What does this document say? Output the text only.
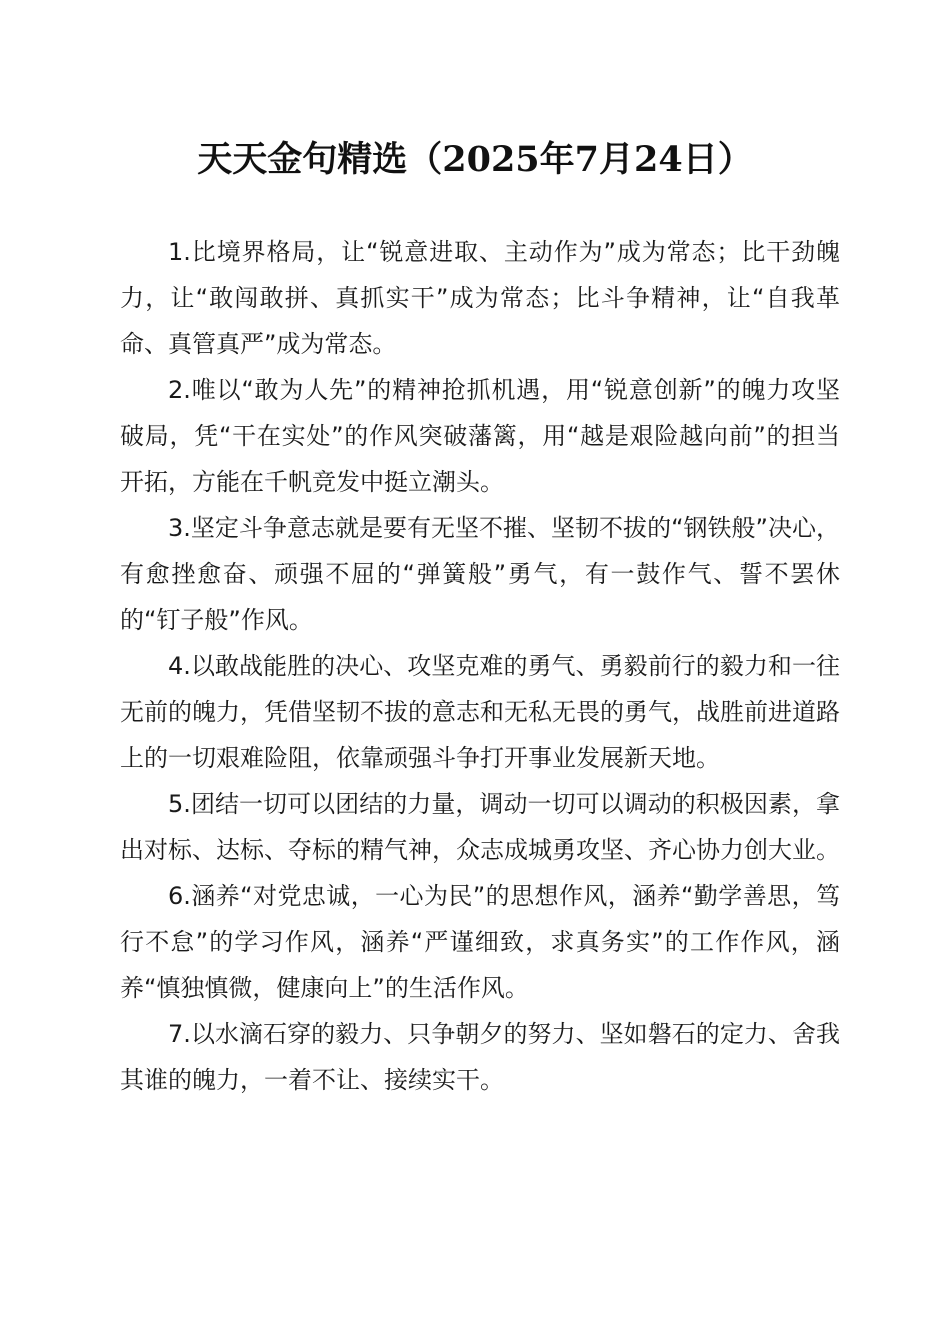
天天金句精选（2025年7月24日）

1.比境界格局，让“锐意进取、主动作为”成为常态；比干劲魄力，让“敢闯敢拼、真抓实干”成为常态；比斗争精神，让“自我革命、真管真严”成为常态。

2.唯以“敢为人先”的精神抢抓机遇，用“锐意创新”的魄力攻坚破局，凭“干在实处”的作风突破藩篱，用“越是艰险越向前”的担当开拓，方能在千帆竞发中挺立潮头。

3.坚定斗争意志就是要有无坚不摧、坚韧不拔的“钢铁般”决心，有愈挫愈奋、顽强不屈的“弹簧般”勇气，有一鼓作气、誓不罢休的“钉子般”作风。

4.以敢战能胜的决心、攻坚克难的勇气、勇毅前行的毅力和一往无前的魄力，凭借坚韧不拔的意志和无私无畏的勇气，战胜前进道路上的一切艰难险阻，依靠顽强斗争打开事业发展新天地。

5.团结一切可以团结的力量，调动一切可以调动的积极因素，拿出对标、达标、夺标的精气神，众志成城勇攻坚、齐心协力创大业。

6.涵养“对党忠诚，一心为民”的思想作风，涵养“勤学善思，笃行不怠”的学习作风，涵养“严谨细致，求真务实”的工作作风，涵养“慎独慎微，健康向上”的生活作风。

7.以水滴石穿的毅力、只争朝夕的努力、坚如磐石的定力、舍我其谁的魄力，一着不让、接续实干。
